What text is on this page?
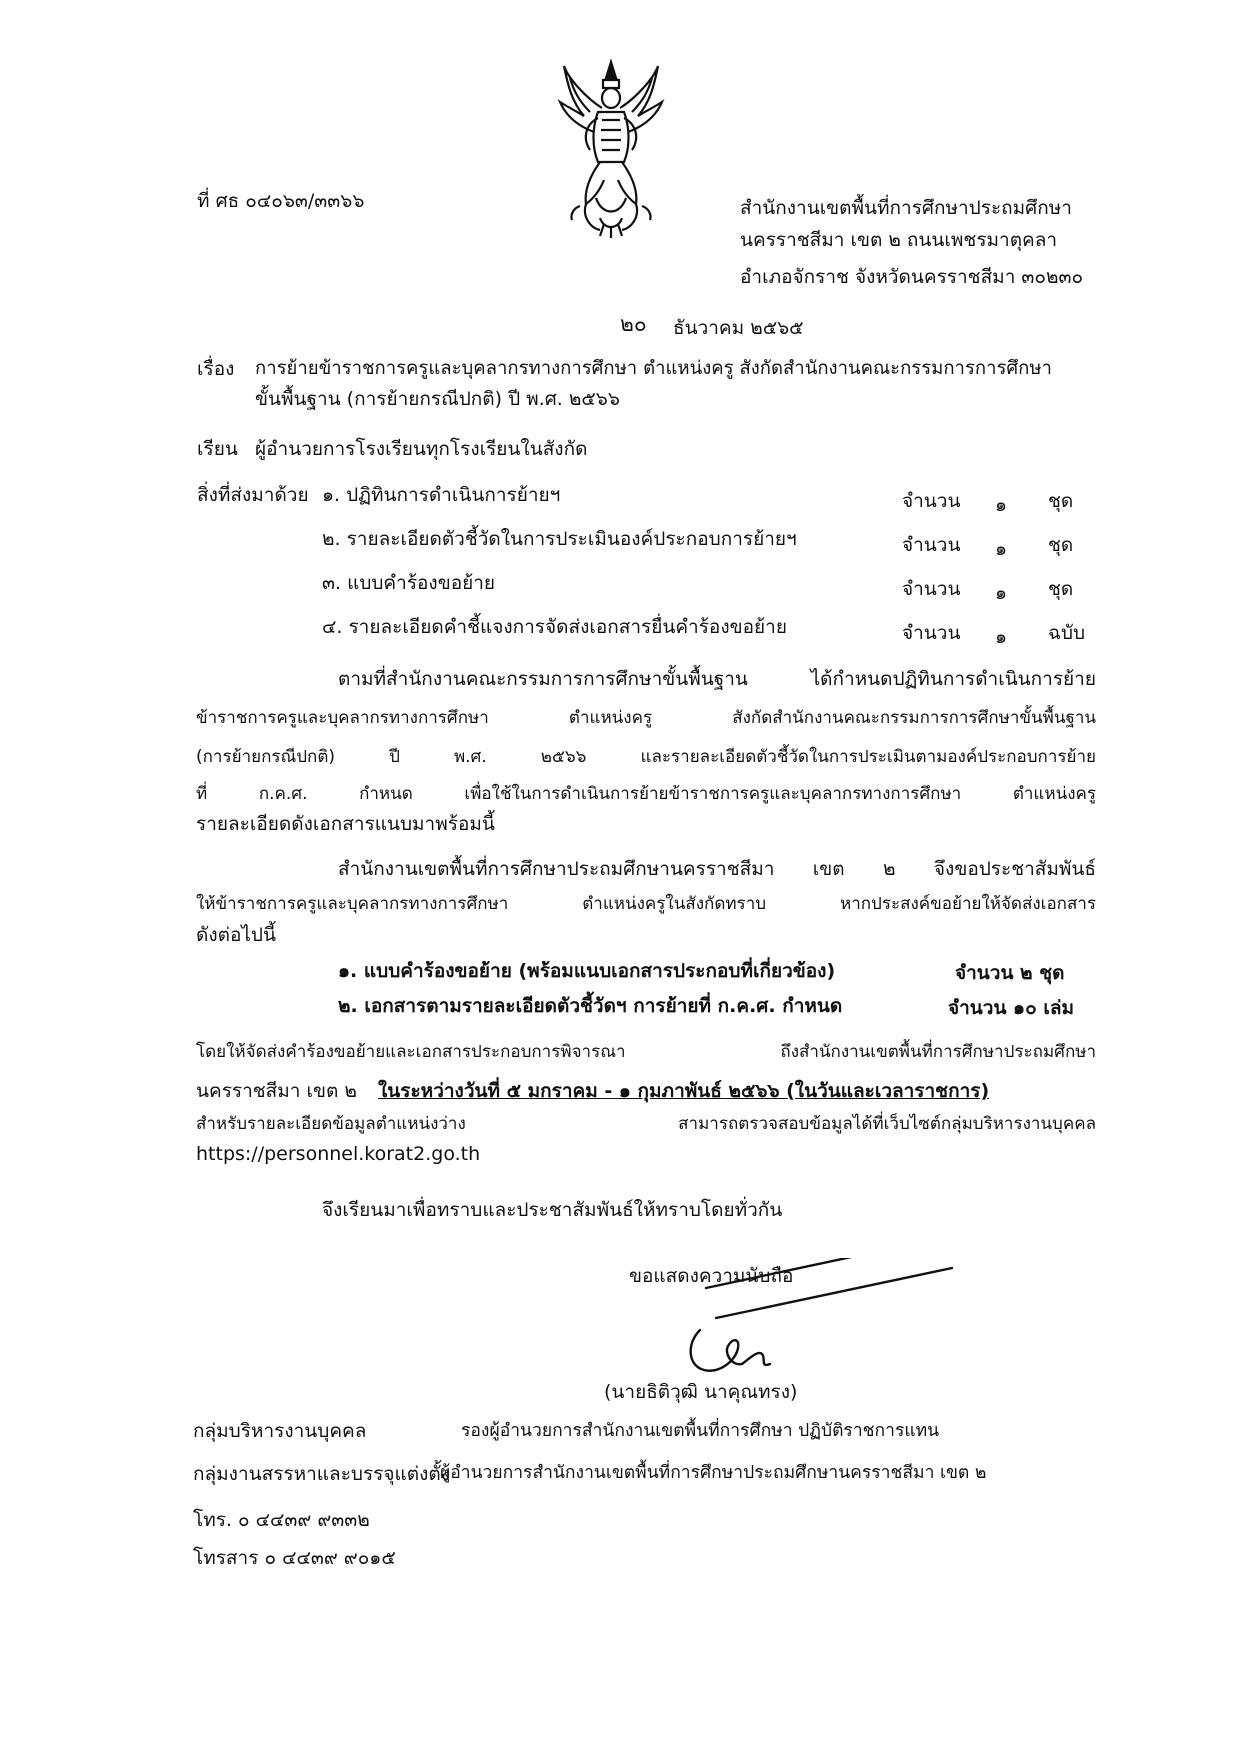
ที่ ศธ ๐๔๐๖๓/๓๓๖๖	สำนักงานเขตพื้นที่การศึกษาประถมศึกษา
นครราชสีมา เขต ๒ ถนนเพชรมาตุคลา
อำเภอจักราช จังหวัดนครราชสีมา ๓๐๒๓๐
๒๐ ธันวาคม ๒๕๖๕
เรื่อง การย้ายข้าราชการครูและบุคลากรทางการศึกษา ตำแหน่งครู สังกัดสำนักงานคณะกรรมการการศึกษา
ขั้นพื้นฐาน (การย้ายกรณีปกติ) ปี พ.ศ. ๒๕๖๖
เรียน ผู้อำนวยการโรงเรียนทุกโรงเรียนในสังกัด
สิ่งที่ส่งมาด้วย ๑. ปฏิทินการดำเนินการย้ายฯ	จำนวน ๑ ชุด
๒. รายละเอียดตัวชี้วัดในการประเมินองค์ประกอบการย้ายฯ	จำนวน ๑ ชุด
๓. แบบคำร้องขอย้าย	จำนวน ๑ ชุด
๔. รายละเอียดคำชี้แจงการจัดส่งเอกสารยื่นคำร้องขอย้าย	จำนวน ๑ ฉบับ
ตามที่สำนักงานคณะกรรมการการศึกษาขั้นพื้นฐาน ได้กำหนดปฏิทินการดำเนินการย้าย
ข้าราชการครูและบุคลากรทางการศึกษา ตำแหน่งครู สังกัดสำนักงานคณะกรรมการการศึกษาขั้นพื้นฐาน
(การย้ายกรณีปกติ) ปี พ.ศ. ๒๕๖๖ และรายละเอียดตัวชี้วัดในการประเมินตามองค์ประกอบการย้าย
ที่ ก.ค.ศ. กำหนด เพื่อใช้ในการดำเนินการย้ายข้าราชการครูและบุคลากรทางการศึกษา ตำแหน่งครู
รายละเอียดดังเอกสารแนบมาพร้อมนี้
สำนักงานเขตพื้นที่การศึกษาประถมศึกษานครราชสีมา เขต ๒ จึงขอประชาสัมพันธ์
ให้ข้าราชการครูและบุคลากรทางการศึกษา ตำแหน่งครูในสังกัดทราบ หากประสงค์ขอย้ายให้จัดส่งเอกสาร
ดังต่อไปนี้
๑. แบบคำร้องขอย้าย (พร้อมแนบเอกสารประกอบที่เกี่ยวข้อง)	จำนวน ๒ ชุด
๒. เอกสารตามรายละเอียดตัวชี้วัดฯ การย้ายที่ ก.ค.ศ. กำหนด	จำนวน ๑๐ เล่ม
โดยให้จัดส่งคำร้องขอย้ายและเอกสารประกอบการพิจารณา ถึงสำนักงานเขตพื้นที่การศึกษาประถมศึกษา
นครราชสีมา เขต ๒ ในระหว่างวันที่ ๕ มกราคม - ๑ กุมภาพันธ์ ๒๕๖๖ (ในวันและเวลาราชการ)
สำหรับรายละเอียดข้อมูลตำแหน่งว่าง สามารถตรวจสอบข้อมูลได้ที่เว็บไซต์กลุ่มบริหารงานบุคคล
https://personnel.korat2.go.th
จึงเรียนมาเพื่อทราบและประชาสัมพันธ์ให้ทราบโดยทั่วกัน
ขอแสดงความนับถือ
(นายธิติวุฒิ นาคุณทรง)
รองผู้อำนวยการสำนักงานเขตพื้นที่การศึกษา ปฏิบัติราชการแทน
ผู้อำนวยการสำนักงานเขตพื้นที่การศึกษาประถมศึกษานครราชสีมา เขต ๒
กลุ่มบริหารงานบุคคล
กลุ่มงานสรรหาและบรรจุแต่งตั้ง
โทร. ๐ ๔๔๓๙ ๙๓๓๒
โทรสาร ๐ ๔๔๓๙ ๙๐๑๕
